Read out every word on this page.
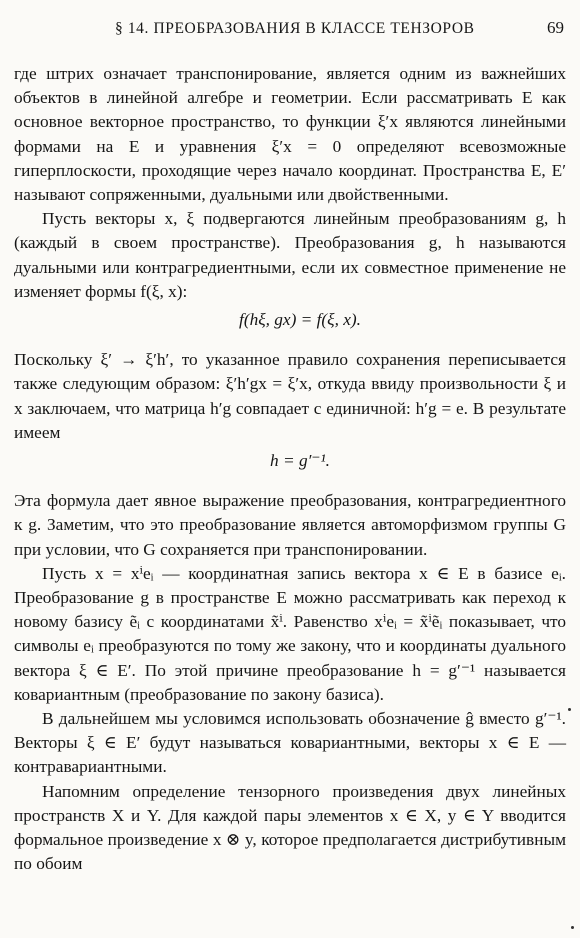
§ 14. ПРЕОБРАЗОВАНИЯ В КЛАССЕ ТЕНЗОРОВ	69

где штрих означает транспонирование, является одним из важнейших объектов в линейной алгебре и геометрии. Если рассматривать E как основное векторное пространство, то функции ξ′x являются линейными формами на E и уравнения ξ′x = 0 определяют всевозможные гиперплоскости, проходящие через начало координат. Пространства E, E′ называют сопряженными, дуальными или двойственными.

Пусть векторы x, ξ подвергаются линейным преобразованиям g, h (каждый в своем пространстве). Преобразования g, h называются дуальными или контрагредиентными, если их совместное применение не изменяет формы f(ξ, x):

f(hξ, gx) = f(ξ, x).

Поскольку ξ′ → ξ′h′, то указанное правило сохранения переписывается также следующим образом: ξ′h′gx = ξ′x, откуда ввиду произвольности ξ и x заключаем, что матрица h′g совпадает с единичной: h′g = e. В результате имеем

h = g′⁻¹.

Эта формула дает явное выражение преобразования, контрагредиентного к g. Заметим, что это преобразование является автоморфизмом группы G при условии, что G сохраняется при транспонировании.

Пусть x = xⁱeᵢ — координатная запись вектора x ∈ E в базисе eᵢ. Преобразование g в пространстве E можно рассматривать как переход к новому базису ẽᵢ с координатами x̃ⁱ. Равенство xⁱeᵢ = x̃ⁱẽᵢ показывает, что символы eᵢ преобразуются по тому же закону, что и координаты дуального вектора ξ ∈ E′. По этой причине преобразование h = g′⁻¹ называется ковариантным (преобразование по закону базиса).

В дальнейшем мы условимся использовать обозначение ĝ вместо g′⁻¹. Векторы ξ ∈ E′ будут называться ковариантными, векторы x ∈ E — контравариантными.

Напомним определение тензорного произведения двух линейных пространств X и Y. Для каждой пары элементов x ∈ X, y ∈ Y вводится формальное произведение x ⊗ y, которое предполагается дистрибутивным по обоим
